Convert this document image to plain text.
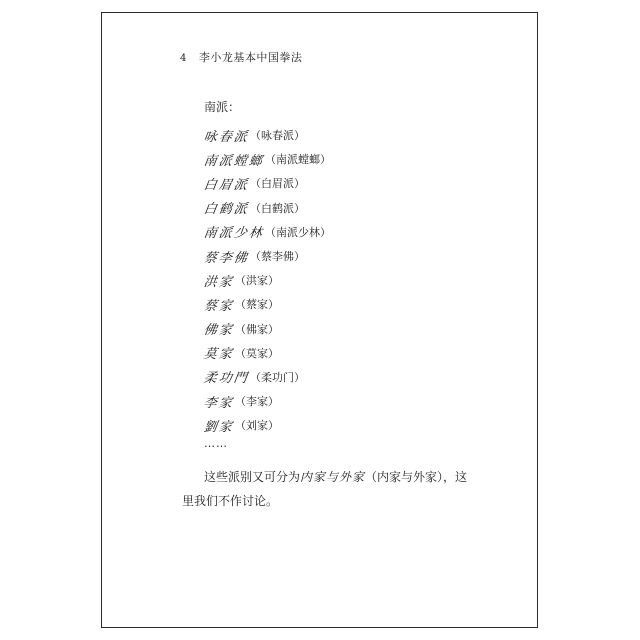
4 李小龙基本中国拳法
南派：
咏春派 （咏春派）
南派螳螂 （南派螳螂）
白眉派 （白眉派）
白鹤派 （白鹤派）
南派少林 （南派少林）
蔡李佛 （蔡李佛）
洪家 （洪家）
蔡家 （蔡家）
佛家 （佛家）
莫家 （莫家）
柔功門 （柔功门）
李家 （李家）
劉家 （刘家）
……
这些派别又可分为内家与外家（内家与外家），这
里我们不作讨论。
